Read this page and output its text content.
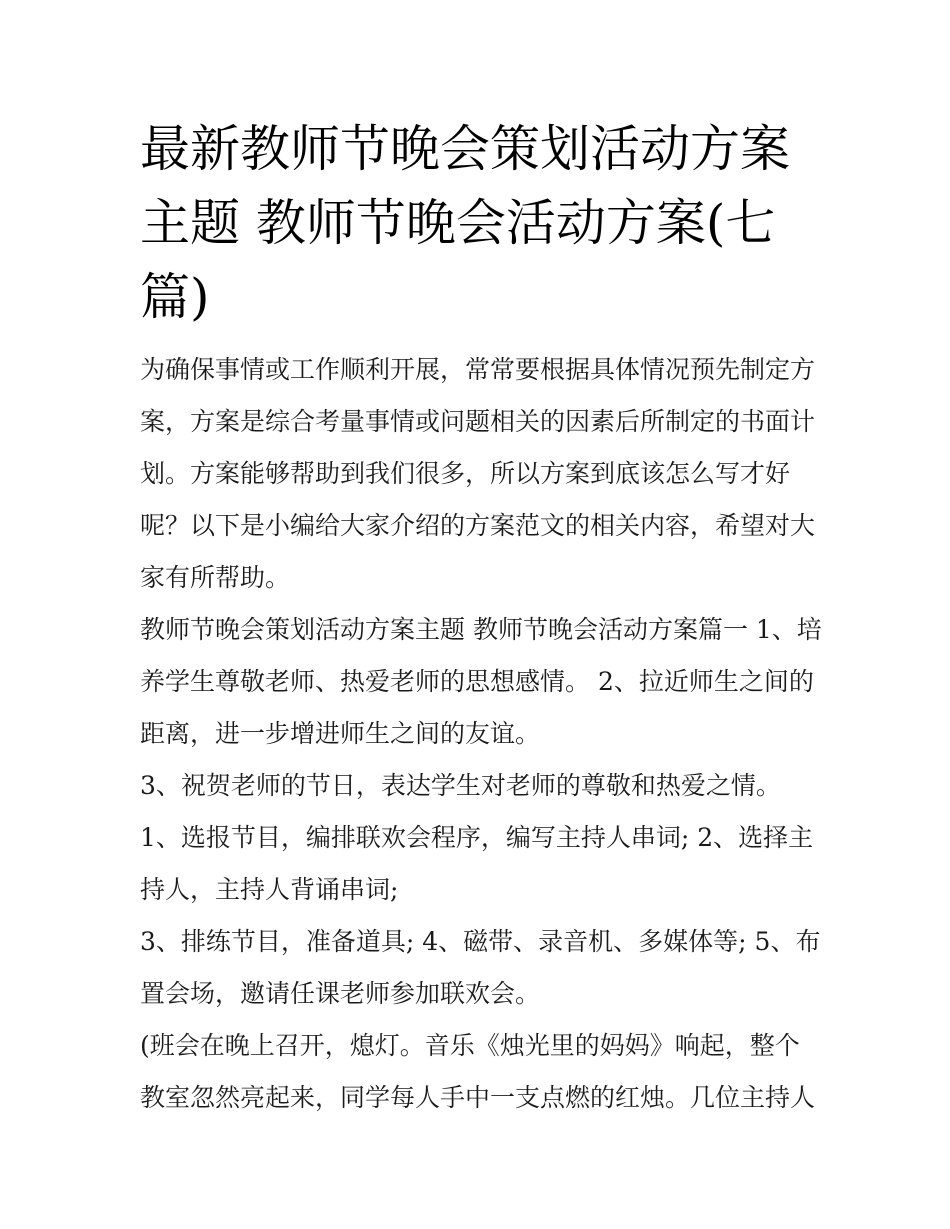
最新教师节晚会策划活动方案
主题 教师节晚会活动方案(七
篇)

为确保事情或工作顺利开展，常常要根据具体情况预先制定方
案，方案是综合考量事情或问题相关的因素后所制定的书面计
划。方案能够帮助到我们很多，所以方案到底该怎么写才好
呢？以下是小编给大家介绍的方案范文的相关内容，希望对大
家有所帮助。

教师节晚会策划活动方案主题 教师节晚会活动方案篇一 1、培
养学生尊敬老师、热爱老师的思想感情。 2、拉近师生之间的
距离，进一步增进师生之间的友谊。

3、祝贺老师的节日，表达学生对老师的尊敬和热爱之情。

1、选报节目，编排联欢会程序，编写主持人串词; 2、选择主
持人，主持人背诵串词;

3、排练节目，准备道具; 4、磁带、录音机、多媒体等; 5、布
置会场，邀请任课老师参加联欢会。

(班会在晚上召开，熄灯。音乐《烛光里的妈妈》响起，整个
教室忽然亮起来，同学每人手中一支点燃的红烛。几位主持人
